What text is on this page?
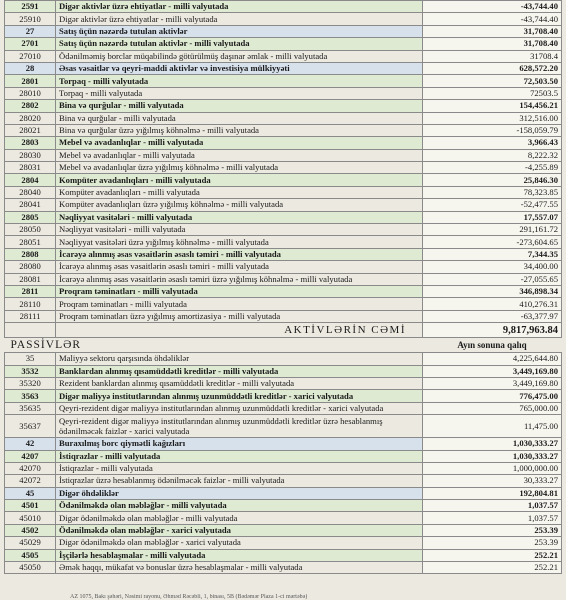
2591	Digər aktivlər üzrə ehtiyatlar - milli valyutada	-43,744.40
25910	Digər aktivlər üzrə ehtiyatlar - milli valyutada	-43,744.40
27	Satış üçün nəzərdə tutulan aktivlər	31,708.40
2701	Satış üçün nəzərdə tutulan aktivlər - milli valyutada	31,708.40
27010	Ödənilməmiş borclar müqabilində götürülmüş daşınar əmlak - milli valyutada	31708.4
28	Əsas vəsaitlər və qeyri-maddi aktivlər və investisiya mülkiyyəti	628,572.20
2801	Torpaq - milli valyutada	72,503.50
28010	Torpaq - milli valyutada	72503.5
2802	Bina və qurğular - milli valyutada	154,456.21
28020	Bina və qurğular - milli valyutada	312,516.00
28021	Bina və qurğular üzrə yığılmış köhnəlmə - milli valyutada	-158,059.79
2803	Mebel və avadanlıqlar - milli valyutada	3,966.43
28030	Mebel və avadanlıqlar - milli valyutada	8,222.32
28031	Mebel və avadanlıqlar üzrə yığılmış köhnəlmə - milli valyutada	-4,255.89
2804	Kompüter avadanlıqları - milli valyutada	25,846.30
28040	Kompüter avadanlıqları - milli valyutada	78,323.85
28041	Kompüter avadanlıqları üzrə yığılmış köhnəlmə - milli valyutada	-52,477.55
2805	Nəqliyyat vasitələri - milli valyutada	17,557.07
28050	Nəqliyyat vasitələri - milli valyutada	291,161.72
28051	Nəqliyyat vasitələri üzrə yığılmış köhnəlmə - milli valyutada	-273,604.65
2808	İcarəyə alınmış əsas vəsaitlərin əsaslı təmiri - milli valyutada	7,344.35
28080	İcarəyə alınmış əsas vəsaitlərin əsaslı təmiri - milli valyutada	34,400.00
28081	İcarəyə alınmış əsas vəsaitlərin əsaslı təmiri üzrə yığılmış köhnəlmə - milli valyutada	-27,055.65
2811	Proqram təminatları - milli valyutada	346,898.34
28110	Proqram təminatları - milli valyutada	410,276.31
28111	Proqram təminatları üzrə yığılmış amortizasiya - milli valyutada	-63,377.97
	AKTİVLƏRİN CƏMİ	9,817,963.84
PASSİVLƏR		Ayın sonuna qalıq
35	Maliyyə sektoru qarşısında öhdəliklər	4,225,644.80
3532	Banklardan alınmış qısamüddətli kreditlər - milli valyutada	3,449,169.80
35320	Rezident banklardan alınmış qısamüddətli kreditlər - milli valyutada	3,449,169.80
3563	Digər maliyyə institutlarından alınmış uzunmüddətli kreditlər - xarici valyutada	776,475.00
35635	Qeyri-rezident digər maliyyə institutlarından alınmış uzunmüddətli kreditlər - xarici valyutada	765,000.00
35637	Qeyri-rezident digər maliyyə institutlarından alınmış uzunmüddətli kreditlər üzrə hesablanmış ödənilməcək faizlər - xarici valyutada	11,475.00
42	Buraxılmış borc qiymətli kağızları	1,030,333.27
4207	İstiqrazlar - milli valyutada	1,030,333.27
42070	İstiqrazlar - milli valyutada	1,000,000.00
42072	İstiqrazlar üzrə hesablanmış ödənilməcək faizlər - milli valyutada	30,333.27
45	Digər öhdəliklər	192,804.81
4501	Ödənilməkdə olan məbləğlər - milli valyutada	1,037.57
45010	Digər ödənilməkdə olan məbləğlər - milli valyutada	1,037.57
4502	Ödənilməkdə olan məbləğlər - xarici valyutada	253.39
45029	Digər ödənilməkdə olan məbləğlər - xarici valyutada	253.39
4505	İşçilərlə hesablaşmalar - milli valyutada	252.21
45050	Əmək haqqı, mükafat və bonuslar üzrə hesablaşmalar - milli valyutada	252.21
AZ 1075, Bakı şəhəri, Nəsimi rayonu, Əhməd Rəcəbli, 1, binası, 5B (Bədəmər Plaza 1-ci mərtəbə)
